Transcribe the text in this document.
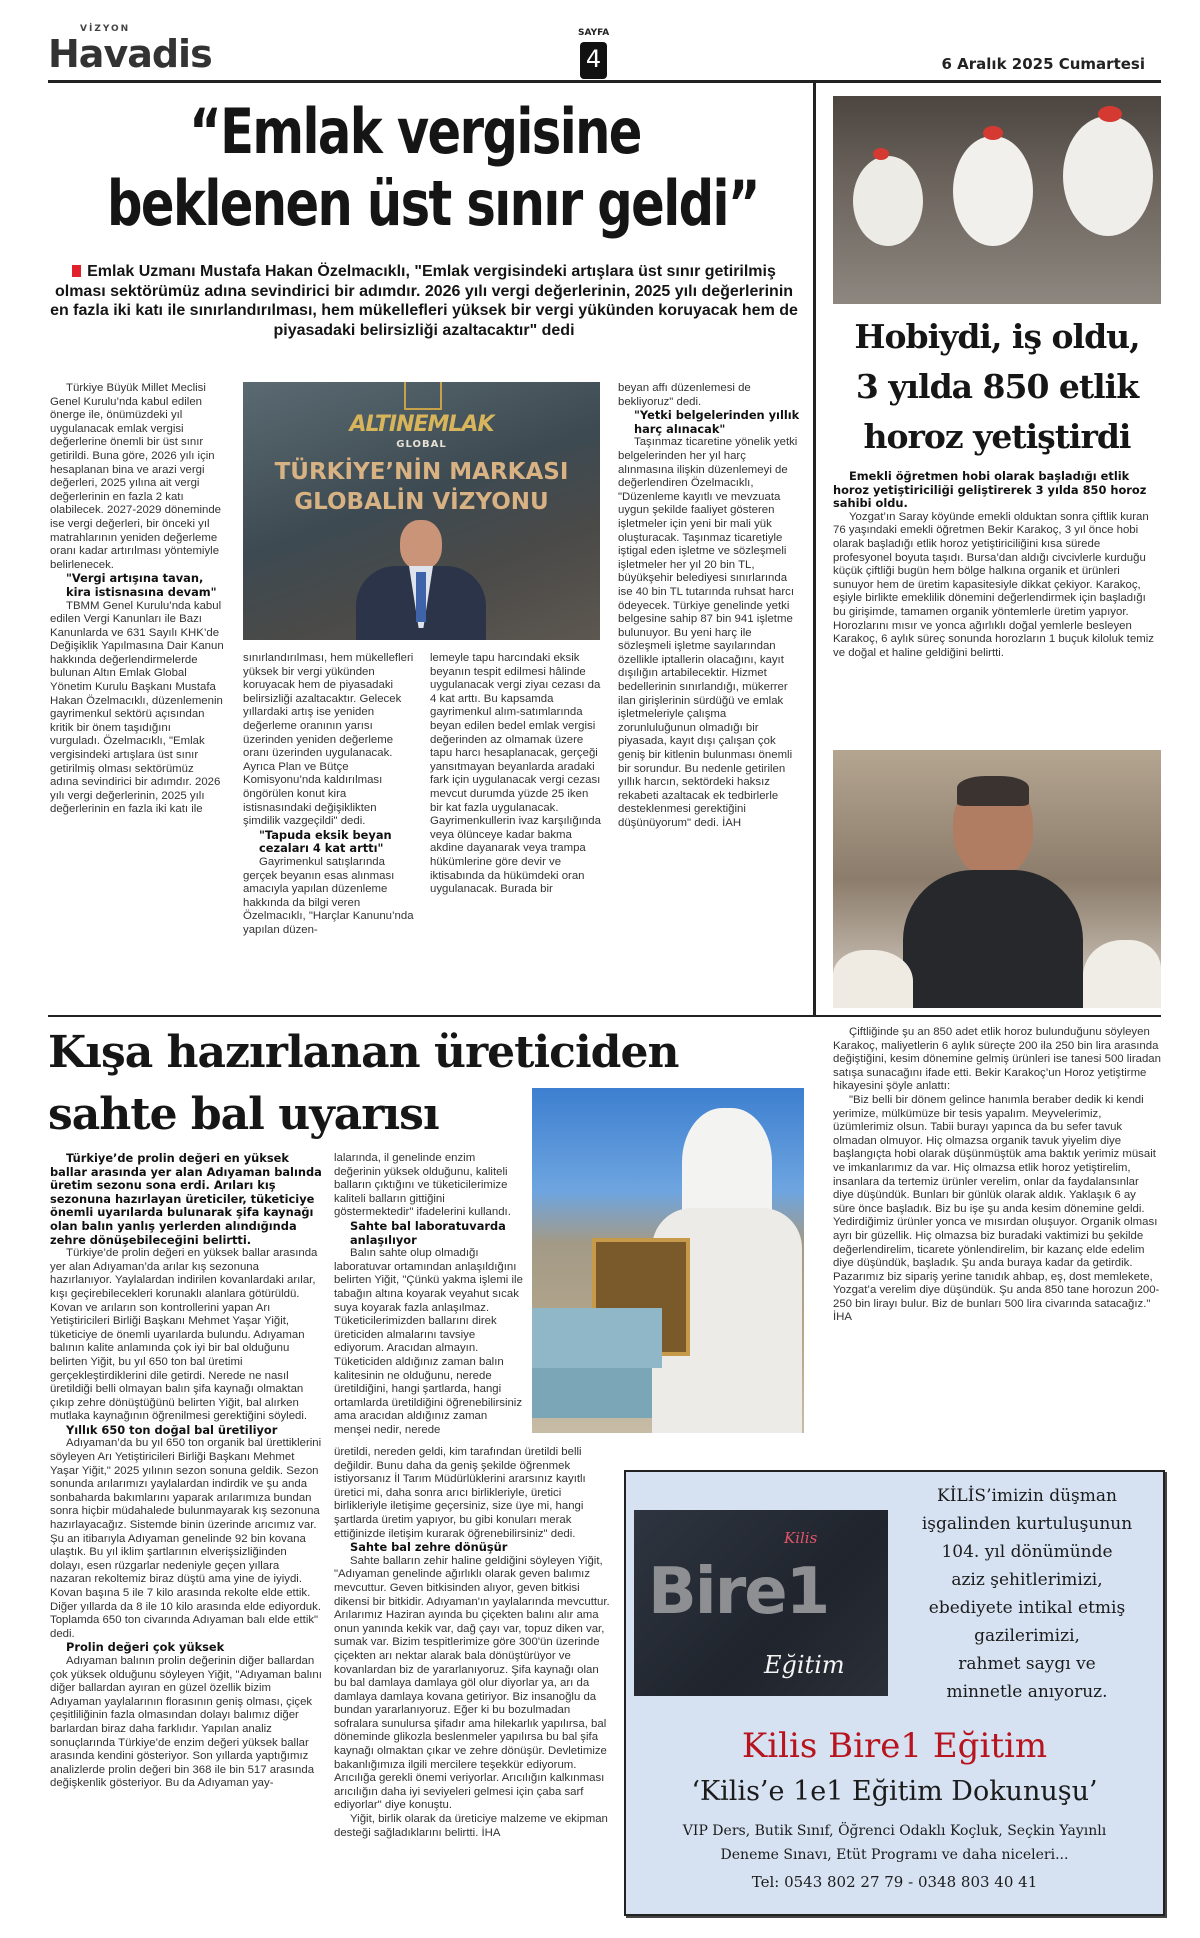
VİZYON
Havadis	SAYFA
4	6 Aralık 2025 Cumartesi
“Emlak vergisine
beklenen üst sınır geldi”
Emlak Uzmanı Mustafa Hakan Özelmacıklı, "Emlak vergisindeki artışlara üst sınır getirilmiş olması sektörümüz adına sevindirici bir adımdır. 2026 yılı vergi değerlerinin, 2025 yılı değerlerinin en fazla iki katı ile sınırlandırılması, hem mükellefleri yüksek bir vergi yükünden koruyacak hem de piyasadaki belirsizliği azaltacaktır" dedi

Türkiye Büyük Millet Meclisi Genel Kurulu’nda kabul edilen önerge ile, önümüzdeki yıl uygulanacak emlak vergisi değerlerine önemli bir üst sınır getirildi. Buna göre, 2026 yılı için hesaplanan bina ve arazi vergi değerleri, 2025 yılına ait vergi değerlerinin en fazla 2 katı olabilecek. 2027-2029 döneminde ise vergi değerleri, bir önceki yıl matrahlarının yeniden değerleme oranı kadar artırılması yöntemiyle belirlenecek.

"Vergi artışına tavan, kira istisnasına devam"

TBMM Genel Kurulu’nda kabul edilen Vergi Kanunları ile Bazı Kanunlarda ve 631 Sayılı KHK’de Değişiklik Yapılmasına Dair Kanun hakkında değerlendirmelerde bulunan Altın Emlak Global Yönetim Kurulu Başkanı Mustafa Hakan Özelmacıklı, düzenlemenin gayrimenkul sektörü açısından kritik bir önem taşıdığını vurguladı. Özelmacıklı, "Emlak vergisindeki artışlara üst sınır getirilmiş olması sektörümüz adına sevindirici bir adımdır. 2026 yılı vergi değerlerinin, 2025 yılı değerlerinin en fazla iki katı ile

ALTINEMLAK
GLOBAL
TÜRKİYE’NİN MARKASI
GLOBALİN VİZYONU

sınırlandırılması, hem mükellefleri yüksek bir vergi yükünden koruyacak hem de piyasadaki belirsizliği azaltacaktır. Gelecek yıllardaki artış ise yeniden değerleme oranının yarısı üzerinden yeniden değerleme oranı üzerinden uygulanacak. Ayrıca Plan ve Bütçe Komisyonu’nda kaldırılması öngörülen konut kira istisnasındaki değişiklikten şimdilik vazgeçildi" dedi.

"Tapuda eksik beyan cezaları 4 kat arttı"

Gayrimenkul satışlarında gerçek beyanın esas alınması amacıyla yapılan düzenleme hakkında da bilgi veren Özelmacıklı, "Harçlar Kanunu’nda yapılan düzen-

lemeyle tapu harcındaki eksik beyanın tespit edilmesi hâlinde uygulanacak vergi ziyaı cezası da 4 kat arttı. Bu kapsamda gayrimenkul alım-satımlarında beyan edilen bedel emlak vergisi değerinden az olmamak üzere tapu harcı hesaplanacak, gerçeği yansıtmayan beyanlarda aradaki fark için uygulanacak vergi cezası mevcut durumda yüzde 25 iken bir kat fazla uygulanacak. Gayrimenkullerin ivaz karşılığında veya ölünceye kadar bakma akdine dayanarak veya trampa hükümlerine göre devir ve iktisabında da hükümdeki oran uygulanacak. Burada bir

beyan affı düzenlemesi de bekliyoruz" dedi.

"Yetki belgelerinden yıllık harç alınacak"

Taşınmaz ticaretine yönelik yetki belgelerinden her yıl harç alınmasına ilişkin düzenlemeyi de değerlendiren Özelmacıklı, "Düzenleme kayıtlı ve mevzuata uygun şekilde faaliyet gösteren işletmeler için yeni bir mali yük oluşturacak. Taşınmaz ticaretiyle iştigal eden işletme ve sözleşmeli işletmeler her yıl 20 bin TL, büyükşehir belediyesi sınırlarında ise 40 bin TL tutarında ruhsat harcı ödeyecek. Türkiye genelinde yetki belgesine sahip 87 bin 941 işletme bulunuyor. Bu yeni harç ile sözleşmeli işletme sayılarından özellikle iptallerin olacağını, kayıt dışılığın artabilecektir. Hizmet bedellerinin sınırlandığı, mükerrer ilan girişlerinin sürdüğü ve emlak işletmeleriyle çalışma zorunluluğunun olmadığı bir piyasada, kayıt dışı çalışan çok geniş bir kitlenin bulunması önemli bir sorundur. Bu nedenle getirilen yıllık harcın, sektördeki haksız rekabeti azaltacak ek tedbirlerle desteklenmesi gerektiğini düşünüyorum" dedi. İAH

Hobiydi, iş oldu,
3 yılda 850 etlik
horoz yetiştirdi
Emekli öğretmen hobi olarak başladığı etlik horoz yetiştiriciliği geliştirerek 3 yılda 850 horoz sahibi oldu.

Yozgat’ın Saray köyünde emekli olduktan sonra çiftlik kuran 76 yaşındaki emekli öğretmen Bekir Karakoç, 3 yıl önce hobi olarak başladığı etlik horoz yetiştiriciliğini kısa sürede profesyonel boyuta taşıdı. Bursa’dan aldığı civcivlerle kurduğu küçük çiftliği bugün hem bölge halkına organik et ürünleri sunuyor hem de üretim kapasitesiyle dikkat çekiyor. Karakoç, eşiyle birlikte emeklilik dönemini değerlendirmek için başladığı bu girişimde, tamamen organik yöntemlerle üretim yapıyor. Horozlarını mısır ve yonca ağırlıklı doğal yemlerle besleyen Karakoç, 6 aylık süreç sonunda horozların 1 buçuk kiloluk temiz ve doğal et haline geldiğini belirtti.

Çiftliğinde şu an 850 adet etlik horoz bulunduğunu söyleyen Karakoç, maliyetlerin 6 aylık süreçte 200 ila 250 bin lira arasında değiştiğini, kesim dönemine gelmiş ürünleri ise tanesi 500 liradan satışa sunacağını ifade etti. Bekir Karakoç’un Horoz yetiştirme hikayesini şöyle anlattı:

"Biz belli bir dönem gelince hanımla beraber dedik ki kendi yerimize, mülkümüze bir tesis yapalım. Meyvelerimiz, üzümlerimiz olsun. Tabii burayı yapınca da bu sefer tavuk olmadan olmuyor. Hiç olmazsa organik tavuk yiyelim diye başlangıçta hobi olarak düşünmüştük ama baktık yerimiz müsait ve imkanlarımız da var. Hiç olmazsa etlik horoz yetiştirelim, insanlara da tertemiz ürünler verelim, onlar da faydalansınlar diye düşündük. Bunları bir günlük olarak aldık. Yaklaşık 6 ay süre önce başladık. Biz bu işe şu anda kesim dönemine geldi. Yedirdiğimiz ürünler yonca ve mısırdan oluşuyor. Organik olması ayrı bir güzellik. Hiç olmazsa biz buradaki vaktimizi bu şekilde değerlendirelim, ticarete yönlendirelim, bir kazanç elde edelim diye düşündük, başladık. Şu anda buraya kadar da getirdik. Pazarımız biz sipariş yerine tanıdık ahbap, eş, dost memlekete, Yozgat’a verelim diye düşündük. Şu anda 850 tane horozun 200-250 bin lirayı bulur. Biz de bunları 500 lira civarında satacağız." İHA

Kışa hazırlanan üreticiden
sahte bal uyarısı
Türkiye’de prolin değeri en yüksek ballar arasında yer alan Adıyaman balında üretim sezonu sona erdi. Arıları kış sezonuna hazırlayan üreticiler, tüketiciye önemli uyarılarda bulunarak şifa kaynağı olan balın yanlış yerlerden alındığında zehre dönüşebileceğini belirtti.

Türkiye’de prolin değeri en yüksek ballar arasında yer alan Adıyaman’da arılar kış sezonuna hazırlanıyor. Yaylalardan indirilen kovanlardaki arılar, kışı geçirebilecekleri korunaklı alanlara götürüldü. Kovan ve arıların son kontrollerini yapan Arı Yetiştiricileri Birliği Başkanı Mehmet Yaşar Yiğit, tüketiciye de önemli uyarılarda bulundu. Adıyaman balının kalite anlamında çok iyi bir bal olduğunu belirten Yiğit, bu yıl 650 ton bal üretimi gerçekleştirdiklerini dile getirdi. Nerede ne nasıl üretildiği belli olmayan balın şifa kaynağı olmaktan çıkıp zehre dönüştüğünü belirten Yiğit, bal alırken mutlaka kaynağının öğrenilmesi gerektiğini söyledi.

Yıllık 650 ton doğal bal üretiliyor

Adıyaman’da bu yıl 650 ton organik bal ürettiklerini söyleyen Arı Yetiştiricileri Birliği Başkanı Mehmet Yaşar Yiğit," 2025 yılının sezon sonuna geldik. Sezon sonunda arılarımızı yaylalardan indirdik ve şu anda sonbaharda bakımlarını yaparak arılarımıza bundan sonra hiçbir müdahalede bulunmayarak kış sezonuna hazırlayacağız. Sistemde binin üzerinde arıcımız var. Şu an itibarıyla Adıyaman genelinde 92 bin kovana ulaştık. Bu yıl iklim şartlarının elverişsizliğinden dolayı, esen rüzgarlar nedeniyle geçen yıllara nazaran rekoltemiz biraz düştü ama yine de iyiydi. Kovan başına 5 ile 7 kilo arasında rekolte elde ettik. Diğer yıllarda da 8 ile 10 kilo arasında elde ediyorduk. Toplamda 650 ton civarında Adıyaman balı elde ettik" dedi.

Prolin değeri çok yüksek

Adıyaman balının prolin değerinin diğer ballardan çok yüksek olduğunu söyleyen Yiğit, "Adıyaman balını diğer ballardan ayıran en güzel özellik bizim Adıyaman yaylalarının florasının geniş olması, çiçek çeşitliliğinin fazla olmasından dolayı balımız diğer barlardan biraz daha farklıdır. Yapılan analiz sonuçlarında Türkiye’de enzim değeri yüksek ballar arasında kendini gösteriyor. Son yıllarda yaptığımız analizlerde prolin değeri bin 368 ile bin 517 arasında değişkenlik gösteriyor. Bu da Adıyaman yay-

lalarında, il genelinde enzim değerinin yüksek olduğunu, kaliteli balların çıktığını ve tüketicilerimize kaliteli balların gittiğini göstermektedir" ifadelerini kullandı.

Sahte bal laboratuvarda anlaşılıyor

Balın sahte olup olmadığı laboratuvar ortamından anlaşıldığını belirten Yiğit, "Çünkü yakma işlemi ile tabağın altına koyarak veyahut sıcak suya koyarak fazla anlaşılmaz. Tüketicilerimizden ballarını direk üreticiden almalarını tavsiye ediyorum. Aracıdan almayın. Tüketiciden aldığınız zaman balın kalitesinin ne olduğunu, nerede üretildiğini, hangi şartlarda, hangi ortamlarda üretildiğini öğrenebilirsiniz ama aracıdan aldığınız zaman menşei nedir, nerede

üretildi, nereden geldi, kim tarafından üretildi belli değildir. Bunu daha da geniş şekilde öğrenmek istiyorsanız İl Tarım Müdürlüklerini ararsınız kayıtlı üretici mi, daha sonra arıcı birlikleriyle, üretici birlikleriyle iletişime geçersiniz, size üye mi, hangi şartlarda üretim yapıyor, bu gibi konuları merak ettiğinizde iletişim kurarak öğrenebilirsiniz" dedi.

Sahte bal zehre dönüşür

Sahte balların zehir haline geldiğini söyleyen Yiğit, "Adıyaman genelinde ağırlıklı olarak geven balımız mevcuttur. Geven bitkisinden alıyor, geven bitkisi dikensi bir bitkidir. Adıyaman'ın yaylalarında mevcuttur. Arılarımız Haziran ayında bu çiçekten balını alır ama onun yanında kekik var, dağ çayı var, topuz diken var, sumak var. Bizim tespitlerimize göre 300'ün üzerinde çiçekten arı nektar alarak bala dönüştürüyor ve kovanlardan biz de yararlanıyoruz. Şifa kaynağı olan bu bal damlaya damlaya göl olur diyorlar ya, arı da damlaya damlaya kovana getiriyor. Biz insanoğlu da bundan yararlanıyoruz. Eğer ki bu bozulmadan sofralara sunulursa şifadır ama hilekarlık yapılırsa, bal döneminde glikozla beslenmeler yapılırsa bu bal şifa kaynağı olmaktan çıkar ve zehre dönüşür. Devletimize bakanlığımıza ilgili mercilere teşekkür ediyorum. Arıcılığa gerekli önemi veriyorlar. Arıcılığın kalkınması arıcılığın daha iyi seviyeleri gelmesi için çaba sarf ediyorlar" diye konuştu.

Yiğit, birlik olarak da üreticiye malzeme ve ekipman desteği sağladıklarını belirtti. İHA

Kilis
Bire1
Eğitim
KİLİS’imizin düşman
işgalinden kurtuluşunun
104. yıl dönümünde
aziz şehitlerimizi,
ebediyete intikal etmiş
gazilerimizi,
rahmet saygı ve
minnetle anıyoruz.
Kilis Bire1 Eğitim
‘Kilis’e 1e1 Eğitim Dokunuşu’
VIP Ders, Butik Sınıf, Öğrenci Odaklı Koçluk, Seçkin Yayınlı
Deneme Sınavı, Etüt Programı ve daha niceleri...
Tel: 0543 802 27 79 - 0348 803 40 41
